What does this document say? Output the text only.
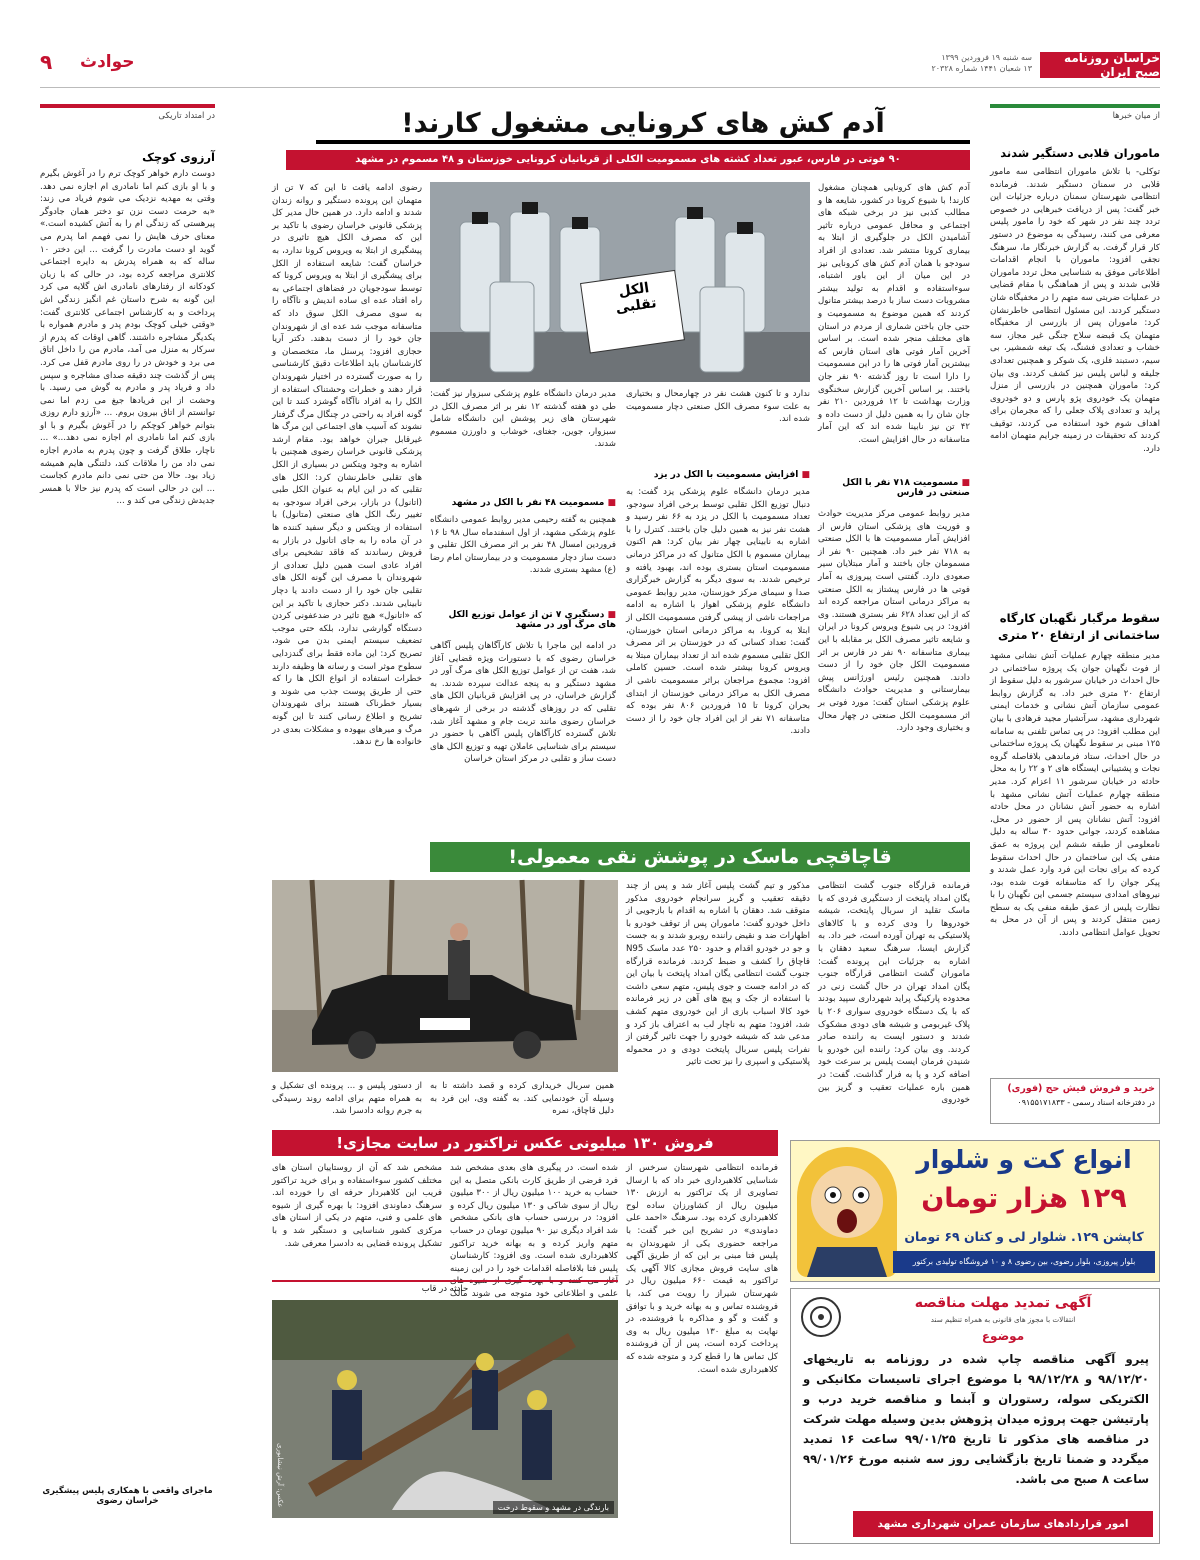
خراسان روزنامه صبح ایران
سه شنبه ۱۹ فروردین ۱۳۹۹
۱۳ شعبان ۱۴۴۱ شماره ۲۰۳۲۸
حوادث
۹
از میان خبرها
ماموران قلابی دستگیر شدند
توکلی- با تلاش ماموران انتظامی سه مامور قلابی در سمنان دستگیر شدند. فرمانده انتظامی شهرستان سمنان درباره جزئیات این خبر گفت: پس از دریافت خبرهایی در خصوص تردد چند نفر در شهر که خود را مامور پلیس معرفی می کنند، رسیدگی به موضوع در دستور کار قرار گرفت. به گزارش خبرنگار ما، سرهنگ نجفی افزود: ماموران با انجام اقدامات اطلاعاتی موفق به شناسایی محل تردد ماموران قلابی شدند و پس از هماهنگی با مقام قضایی در عملیات ضربتی سه متهم را در مخفیگاه شان دستگیر کردند. این مسئول انتظامی خاطرنشان کرد: ماموران پس از بازرسی از مخفیگاه متهمان یک قبضه سلاح جنگی غیر مجاز، سه خشاب و تعدادی فشنگ، یک تیغه شمشیر، بی سیم، دستبند فلزی، یک شوکر و همچنین تعدادی جلیقه و لباس پلیس نیز کشف کردند. وی بیان کرد: ماموران همچنین در بازرسی از منزل متهمان یک خودروی پژو پارس و دو خودروی پراید و تعدادی پلاک جعلی را که مجرمان برای اهداف شوم خود استفاده می کردند، توقیف کردند که تحقیقات در زمینه جرایم متهمان ادامه دارد.
سقوط مرگبار نگهبان کارگاه ساختمانی از ارتفاع ۲۰ متری
مدیر منطقه چهارم عملیات آتش نشانی مشهد از فوت نگهبان جوان یک پروژه ساختمانی در حال احداث در خیابان سرشور به دلیل سقوط از ارتفاع ۲۰ متری خبر داد. به گزارش روابط عمومی سازمان آتش نشانی و خدمات ایمنی شهرداری مشهد، سرآتشیار مجید فرهادی با بیان این مطلب افزود: در پی تماس تلفنی به سامانه ۱۲۵ مبنی بر سقوط نگهبان یک پروژه ساختمانی در حال احداث، ستاد فرماندهی بلافاصله گروه نجات و پشتیبانی ایستگاه های ۲ و ۲۲ را به محل حادثه در خیابان سرشور ۱۱ اعزام کرد. مدیر منطقه چهارم عملیات آتش نشانی مشهد با اشاره به حضور آتش نشانان در محل حادثه افزود: آتش نشانان پس از حضور در محل، مشاهده کردند، جوانی حدود ۳۰ ساله به دلیل نامعلومی از طبقه ششم این پروژه به عمق منفی یک این ساختمان در حال احداث سقوط کرده که برای نجات این فرد وارد عمل شدند و پیکر جوان را که متاسفانه فوت شده بود، نیروهای امدادی سیستم جسمی این نگهبان را با نظارت پلیس از عمق طبقه منفی یک به سطح زمین منتقل کردند و پس از آن در محل به تحویل عوامل انتظامی دادند.
خرید و فروش فیش حج (فوری)
در دفترخانه اسناد رسمی - ۰۹۱۵۵۱۷۱۸۳۳
در امتداد تاریکی
آرزوی کوچک
دوست دارم خواهر کوچک ترم را در آغوش بگیرم و با او بازی کنم اما نامادری ام اجازه نمی دهد. وقتی به مهدیه نزدیک می شوم فریاد می زند: «به حرمت دست نزن تو دختر همان جادوگر پیرهستی که زندگی ام را به آتش کشیده است.» معنای حرف هایش را نمی فهمم اما پدرم می گوید او دست مادرت را گرفت ... این دختر ۱۰ ساله که به همراه پدرش به دایره اجتماعی کلانتری مراجعه کرده بود، در حالی که با زبان کودکانه از رفتارهای نامادری اش گلایه می کرد این گونه به شرح داستان غم انگیز زندگی اش پرداخت و به کارشناس اجتماعی کلانتری گفت: «وقتی خیلی کوچک بودم پدر و مادرم همواره با یکدیگر مشاجره داشتند. گاهی اوقات که پدرم از سرکار به منزل می آمد، مادرم من را داخل اتاق می برد و خودش در را روی مادرم قفل می کرد. پس از گذشت چند دقیقه صدای مشاجره و سپس داد و فریاد پدر و مادرم به گوش می رسید. با وحشت از این فریادها جیغ می زدم اما نمی توانستم از اتاق بیرون بروم. ... «آرزو دارم روزی بتوانم خواهر کوچکم را در آغوش بگیرم و با او بازی کنم اما نامادری ام اجازه نمی دهد...» ... ناچار، طلاق گرفت و چون پدرم به مادرم اجازه نمی داد من را ملاقات کند، دلتنگی هایم همیشه زیاد بود. حالا من حتی نمی دانم مادرم کجاست ... این در حالی است که پدرم نیز حالا با همسر جدیدش زندگی می کند و ...
ماجرای واقعی با همکاری پلیس پیشگیری
خراسان رضوی
آدم کش های کرونایی مشغول کارند!
۹۰ فوتی در فارس، عبور تعداد کشته های مسمومیت الکلی از قربانیان کرونایی خوزستان و ۴۸ مسموم در مشهد
الکل تقلبی
آدم کش های کرونایی همچنان مشغول کارند! با شیوع کرونا در کشور، شایعه ها و مطالب کذبی نیز در برخی شبکه های اجتماعی و محافل عمومی درباره تاثیر آشامیدن الکل در جلوگیری از ابتلا به بیماری کرونا منتشر شد. تعدادی از افراد سودجو با همان آدم کش های کرونایی نیز در این میان از این باور اشتباه، سوءاستفاده و اقدام به تولید بیشتر مشروبات دست ساز با درصد بیشتر متانول کردند که همین موضوع به مسمومیت و حتی جان باختن شماری از مردم در استان های مختلف منجر شده است. بر اساس آخرین آمار فوتی های استان فارس که بیشترین آمار فوتی ها را در این مسمومیت را دارا است تا روز گذشته ۹۰ نفر جان باختند. بر اساس آخرین گزارش سخنگوی وزارت بهداشت تا ۱۲ فروردین ۲۱۰ نفر جان شان را به همین دلیل از دست داده و ۴۲ تن نیز نابینا شده اند که این آمار متاسفانه در حال افزایش است.
■ مسمومیت ۷۱۸ نفر با الکل صنعتی در فارس
مدیر روابط عمومی مرکز مدیریت حوادث و فوریت های پزشکی استان فارس از افزایش آمار مسمومیت ها با الکل صنعتی به ۷۱۸ نفر خبر داد. همچنین ۹۰ نفر از مسمومان جان باختند و آمار مبتلایان سیر صعودی دارد. گفتنی است پیروزی به آمار فوتی ها در فارس پیشتاز به الکل صنعتی به مراکز درمانی استان مراجعه کرده اند که از این تعداد ۶۲۸ نفر بستری هستند. وی افزود: در پی شیوع ویروس کرونا در ایران و شایعه تاثیر مصرف الکل بر مقابله با این بیماری متاسفانه ۹۰ نفر در فارس بر اثر مسمومیت الکل جان خود را از دست دادند. همچنین رئیس اورژانس پیش بیمارستانی و مدیریت حوادث دانشگاه علوم پزشکی استان گفت: مورد فوتی بر اثر مسمومیت الکل صنعتی در چهار محال و بختیاری وجود دارد.
ندارد و تا کنون هشت نفر در چهارمحال و بختیاری به علت سوء مصرف الکل صنعتی دچار مسمومیت شده اند.
■ افزایش مسمومیت با الکل در یزد
مدیر درمان دانشگاه علوم پزشکی یزد گفت: به دنبال توزیع الکل تقلبی توسط برخی افراد سودجو، تعداد مسمومیت با الکل در یزد به ۶۶ نفر رسید و هشت نفر نیز به همین دلیل جان باختند. کنترل را با اشاره به نابینایی چهار نفر بیان کرد: هم اکنون بیماران مسموم با الکل متانول که در مراکز درمانی مسمومیت استان بستری بوده اند، بهبود یافته و ترخیص شدند. به سوی دیگر به گزارش خبرگزاری صدا و سیمای مرکز خوزستان، مدیر روابط عمومی دانشگاه علوم پزشکی اهواز با اشاره به ادامه مراجعات ناشی از پیشی گرفتن مسمومیت الکلی از ابتلا به کرونا، به مراکز درمانی استان خوزستان، گفت: تعداد کسانی که در خوزستان بر اثر مصرف الکل تقلبی مسموم شده اند از تعداد بیماران مبتلا به ویروس کرونا بیشتر شده است. حسین کاملی افزود: مجموع مراجعان براثر مسمومیت ناشی از مصرف الکل به مراکز درمانی خوزستان از ابتدای بحران کرونا تا ۱۵ فروردین ۸۰۶ نفر بوده که متاسفانه ۷۱ نفر از این افراد جان خود را از دست دادند.
مدیر درمان دانشگاه علوم پزشکی سبزوار نیز گفت: طی دو هفته گذشته ۱۲ نفر بر اثر مصرف الکل در شهرستان های زیر پوشش این دانشگاه شامل سبزوار، جوین، جغتای، خوشاب و داورزن مسموم شدند.
■ مسمومیت ۴۸ نفر با الکل در مشهد
همچنین به گفته رحیمی مدیر روابط عمومی دانشگاه علوم پزشکی مشهد، از اول اسفندماه سال ۹۸ تا ۱۶ فروردین امسال ۴۸ نفر بر اثر مصرف الکل تقلبی و دست ساز دچار مسمومیت و در بیمارستان امام رضا (ع) مشهد بستری شدند.
■ دستگیری ۷ تن از عوامل توزیع الکل های مرگ آور در مشهد
در ادامه این ماجرا با تلاش کارآگاهان پلیس آگاهی خراسان رضوی که با دستورات ویژه قضایی آغاز شد، هفت تن از عوامل توزیع الکل های مرگ آور در مشهد دستگیر و به پنجه عدالت سپرده شدند. به گزارش خراسان، در پی افزایش قربانیان الکل های تقلبی که در روزهای گذشته در برخی از شهرهای خراسان رضوی مانند تربت جام و مشهد آغاز شد، تلاش گسترده کارآگاهان پلیس آگاهی با حضور در سیستم برای شناسایی عاملان تهیه و توزیع الکل های دست ساز و تقلبی در مرکز استان خراسان
رضوی ادامه یافت تا این که ۷ تن از متهمان این پرونده دستگیر و روانه زندان شدند و ادامه دارد. در همین حال مدیر کل پزشکی قانونی خراسان رضوی با تاکید بر این که مصرف الکل هیچ تاثیری در پیشگیری از ابتلا به ویروس کرونا ندارد، به خراسان گفت: شایعه استفاده از الکل برای پیشگیری از ابتلا به ویروس کرونا که توسط سودجویان در فضاهای اجتماعی به راه افتاد عده ای ساده اندیش و ناآگاه را به سوی مصرف الکل سوق داد که متاسفانه موجب شد عده ای از شهروندان جان خود را از دست بدهند. دکتر آریا حجازی افزود: پرسنل ما، متخصصان و کارشناسان باید اطلاعات دقیق کارشناسی را به صورت گسترده در اختیار شهروندان قرار دهند و خطرات وحشتناک استفاده از الکل را به افراد ناآگاه گوشزد کنند تا این گونه افراد به راحتی در چنگال مرگ گرفتار نشوند که آسیب های اجتماعی این مرگ ها غیرقابل جبران خواهد بود. مقام ارشد پزشکی قانونی خراسان رضوی همچنین با اشاره به وجود ویتکس در بسیاری از الکل های تقلبی خاطرنشان کرد: الکل های تقلبی که در این ایام به عنوان الکل طبی (اتانول) در بازار، برخی افراد سودجو، به تغییر رنگ الکل های صنعتی (متانول) با استفاده از ویتکس و دیگر سفید کننده ها در آن ماده را به جای اتانول در بازار به فروش رساندند که فاقد تشخیص برای افراد عادی است همین دلیل تعدادی از شهروندان با مصرف این گونه الکل های تقلبی جان خود را از دست دادند یا دچار نابینایی شدند. دکتر حجازی با تاکید بر این که «اتانول» هیچ تاثیر در ضدعفونی کردن دستگاه گوارشی ندارد، بلکه حتی موجب تضعیف سیستم ایمنی بدن می شود، تصریح کرد: این ماده فقط برای گندزدایی سطوح موثر است و رسانه ها وظیفه دارند خطرات استفاده از انواع الکل ها را که حتی از طریق پوست جذب می شوند و بسیار خطرناک هستند برای شهروندان تشریح و اطلاع رسانی کنند تا این گونه مرگ و میرهای بیهوده و مشکلات بعدی در خانواده ها رخ ندهد.
قاچاقچی ماسک در پوشش نقی معمولی!
فرمانده قرارگاه جنوب گشت انتظامی یگان امداد پایتخت از دستگیری فردی که با ماسک تقلید از سربال پایتخت، شیشه خودروها را ودی کرده و با کالاهای پلاستیکی به تهران آورده است، خبر داد. به گزارش ایسنا، سرهنگ سعید دهقان با اشاره به جزئیات این پرونده گفت: ماموران گشت انتظامی قرارگاه جنوب یگان امداد تهران در حال گشت زنی در محدوده پارکینگ پراید شهرداری سپید بودند که با یک دستگاه خودروی سواری ۲۰۶ با پلاک غیربومی و شیشه های دودی مشکوک شدند و دستور ایست به راننده صادر کردند. وی بیان کرد: راننده این خودرو با شنیدن فرمان ایست پلیس بر سرعت خود اضافه کرد و پا به فرار گذاشت. گفت: در همین باره عملیات تعقیب و گریز بین خودروی
مذکور و تیم گشت پلیس آغاز شد و پس از چند دقیقه تعقیب و گریز سرانجام خودروی مذکور متوقف شد. دهقان با اشاره به اقدام با بازجویی از داخل خودرو گفت: ماموران پس از توقف خودرو با اظهارات ضد و نقیض راننده روبرو شدند و به جست و جو در خودرو اقدام و حدود ۲۵۰ عدد ماسک N95 قاچاق را کشف و ضبط کردند. فرمانده قرارگاه جنوب گشت انتظامی یگان امداد پایتخت با بیان این که در ادامه جست و جوی پلیس، متهم سعی داشت با استفاده از جک و پیچ های آهن در زیر فرمانده خود کالا اسباب بازی از این خودروی متهم کشف شد، افزود: متهم به ناچار لب به اعتراف باز کرد و مدعی شد که شیشه خودرو را جهت تاثیر گرفتن از نفرات پلیس سربال پایتخت دودی و در محموله پلاستیکی و اسپری را نیز تحت تاثیر
همین سربال خریداری کرده و قصد داشته تا به وسیله آن خودنمایی کند. به گفته وی، این فرد به دلیل قاچاق، نمره
از دستور پلیس و ... پرونده ای تشکیل و به همراه متهم برای ادامه روند رسیدگی به جرم روانه دادسرا شد.
فروش ۱۳۰ میلیونی عکس تراکتور در سایت مجازی!
فرمانده انتظامی شهرستان سرخس از شناسایی کلاهبرداری خبر داد که با ارسال تصاویری از یک تراکتور به ارزش ۱۳۰ میلیون ریال از کشاورزان ساده لوح کلاهبرداری کرده بود. سرهنگ «احمد علی دماوندی» در تشریح این خبر گفت: با مراجعه حضوری یکی از شهروندان به پلیس فتا مبنی بر این که از طریق آگهی های سایت فروش مجازی کالا آگهی یک تراکتور به قیمت ۶۶۰ میلیون ریال در شهرستان شیراز را رویت می کند، با فروشنده تماس و به بهانه خرید و با توافق و گفت و گو و مذاکره با فروشنده، در نهایت به مبلغ ۱۳۰ میلیون ریال به وی پرداخت کرده است، پس از آن فروشنده کل تماس ها را قطع کرد و متوجه شده که کلاهبرداری شده است.
شده است. در پیگیری های بعدی مشخص شد فرد فرضی از طریق کارت بانکی متصل به این حساب به خرید ۱۰۰ میلیون ریال از ۳۰۰ میلیون ریال از سوی شاکی و ۱۳۰ میلیون ریال کرده و افزود: در بررسی حساب های بانکی مشخص شد افراد دیگری نیز ۹۰ میلیون تومان در حساب متهم واریز کرده و به بهانه خرید تراکتور کلاهبرداری شده است. وی افزود: کارشناسان پلیس فتا بلافاصله اقدامات خود را در این زمینه آغاز می کنند و با بهره گیری از شیوه های علمی و اطلاعاتی خود متوجه می شوند مالک
مشخص شد که آن از روستاییان استان های مختلف کشور سوءاستفاده و برای خرید تراکتور فریب این کلاهبردار حرفه ای را خورده اند. سرهنگ دماوندی افزود: با بهره گیری از شیوه های علمی و فنی، متهم در یکی از استان های مرکزی کشور شناسایی و دستگیر شد و با تشکیل پرونده قضایی به دادسرا معرفی شد.
حادثه در قاب
بارندگی در مشهد و سقوط درخت
عکس: آرش نیشابوری
انواع کت و شلوار
۱۲۹ هزار تومان
کاپشن ۱۲۹. شلوار لی و کتان ۶۹ تومان
بلوار پیروزی، بلوار رضوی، بین رضوی ۸ و ۱۰ فروشگاه تولیدی برکتور
آگهی تمدید مهلت مناقصه
انتقالات با مجوز های قانونی به همراه تنظیم سند
موضوع
پیرو آگهی مناقصه چاپ شده در روزنامه به تاریخهای ۹۸/۱۲/۲۰ و ۹۸/۱۲/۲۸ با موضوع اجرای تاسیسات مکانیکی و الکتریکی سوله، رستوران و آبنما و مناقصه خرید درب و پارتیشن جهت پروژه میدان پژوهش بدین وسیله مهلت شرکت در مناقصه های مذکور تا تاریخ ۹۹/۰۱/۲۵ ساعت ۱۶ تمدید میگردد و ضمنا تاریخ بازگشایی روز سه شنبه مورخ ۹۹/۰۱/۲۶ ساعت ۸ صبح می باشد.
امور قراردادهای سازمان عمران شهرداری مشهد
